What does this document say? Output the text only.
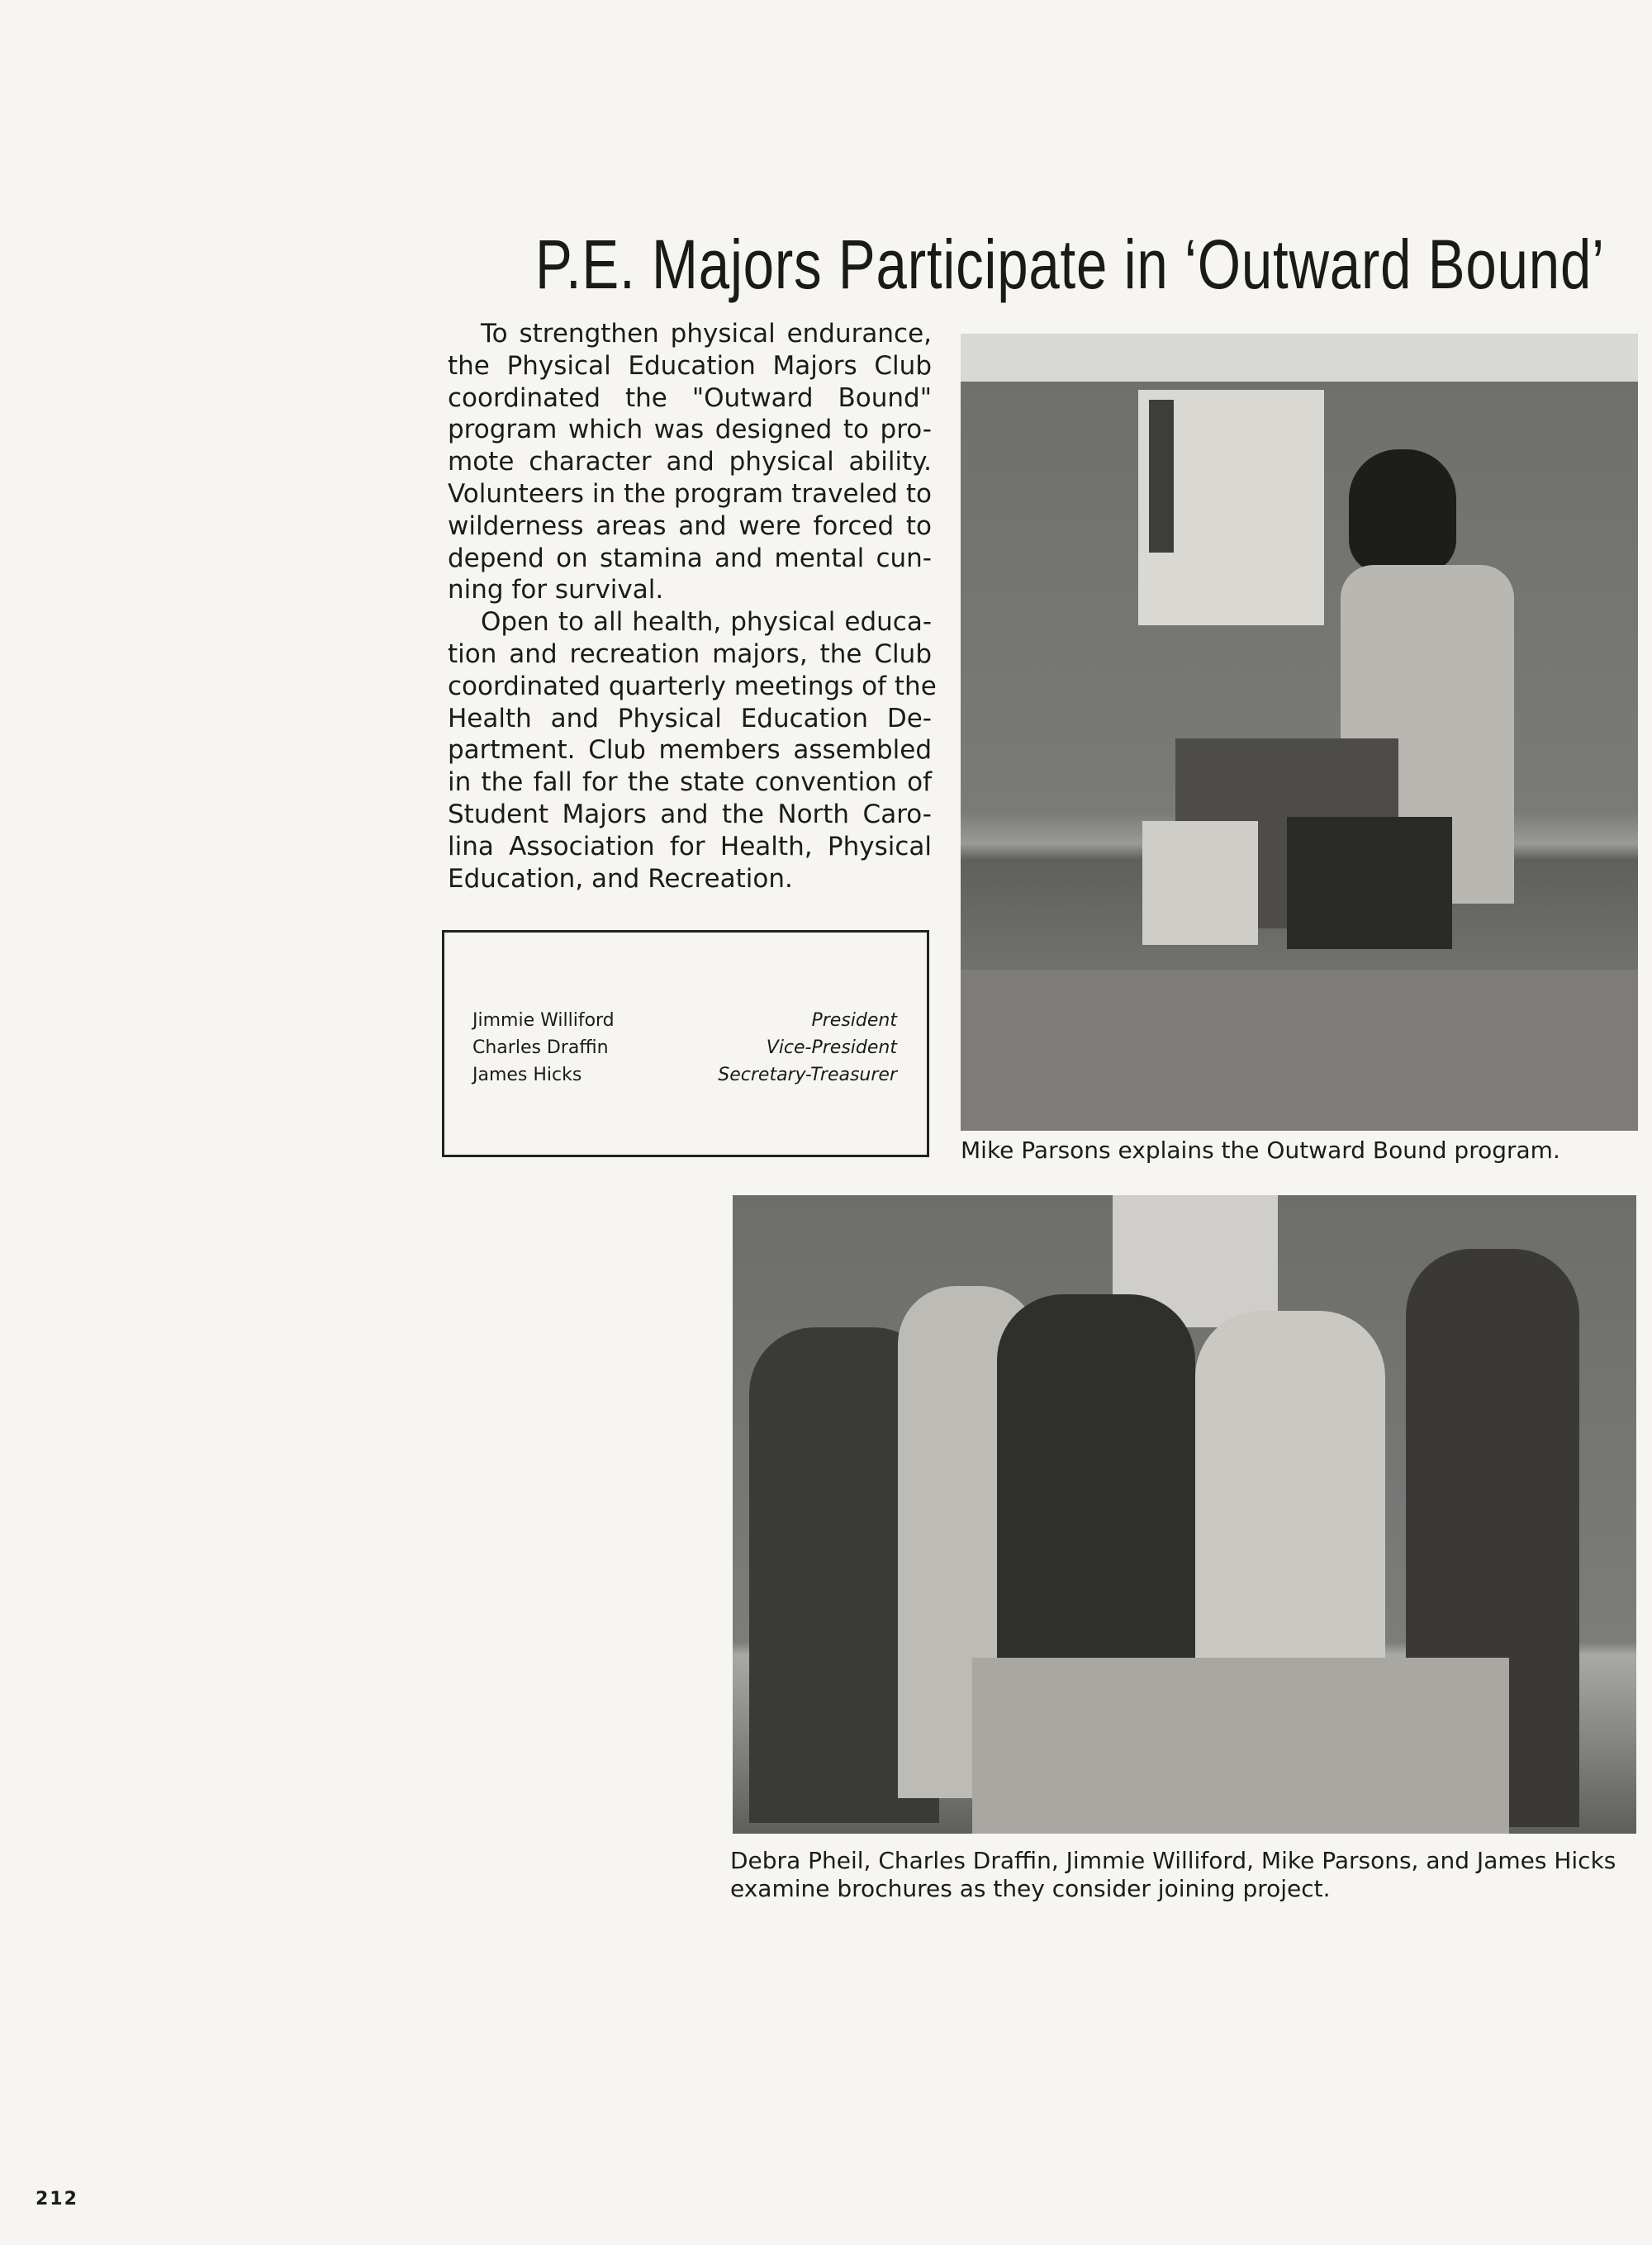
P.E. Majors Participate in ‘Outward Bound’
To strengthen physical endurance,
the Physical Education Majors Club
coordinated the "Outward Bound"
program which was designed to pro-
mote character and physical ability.
Volunteers in the program traveled to
wilderness areas and were forced to
depend on stamina and mental cun-
ning for survival.
Open to all health, physical educa-
tion and recreation majors, the Club
coordinated quarterly meetings of the
Health and Physical Education De-
partment. Club members assembled
in the fall for the state convention of
Student Majors and the North Caro-
lina Association for Health, Physical
Education, and Recreation.
Jimmie Williford	President
Charles Draffin	Vice-President
James Hicks	Secretary-Treasurer
Mike Parsons explains the Outward Bound program.
Debra Pheil, Charles Draffin, Jimmie Williford, Mike Parsons, and James Hicks
examine brochures as they consider joining project.
212
